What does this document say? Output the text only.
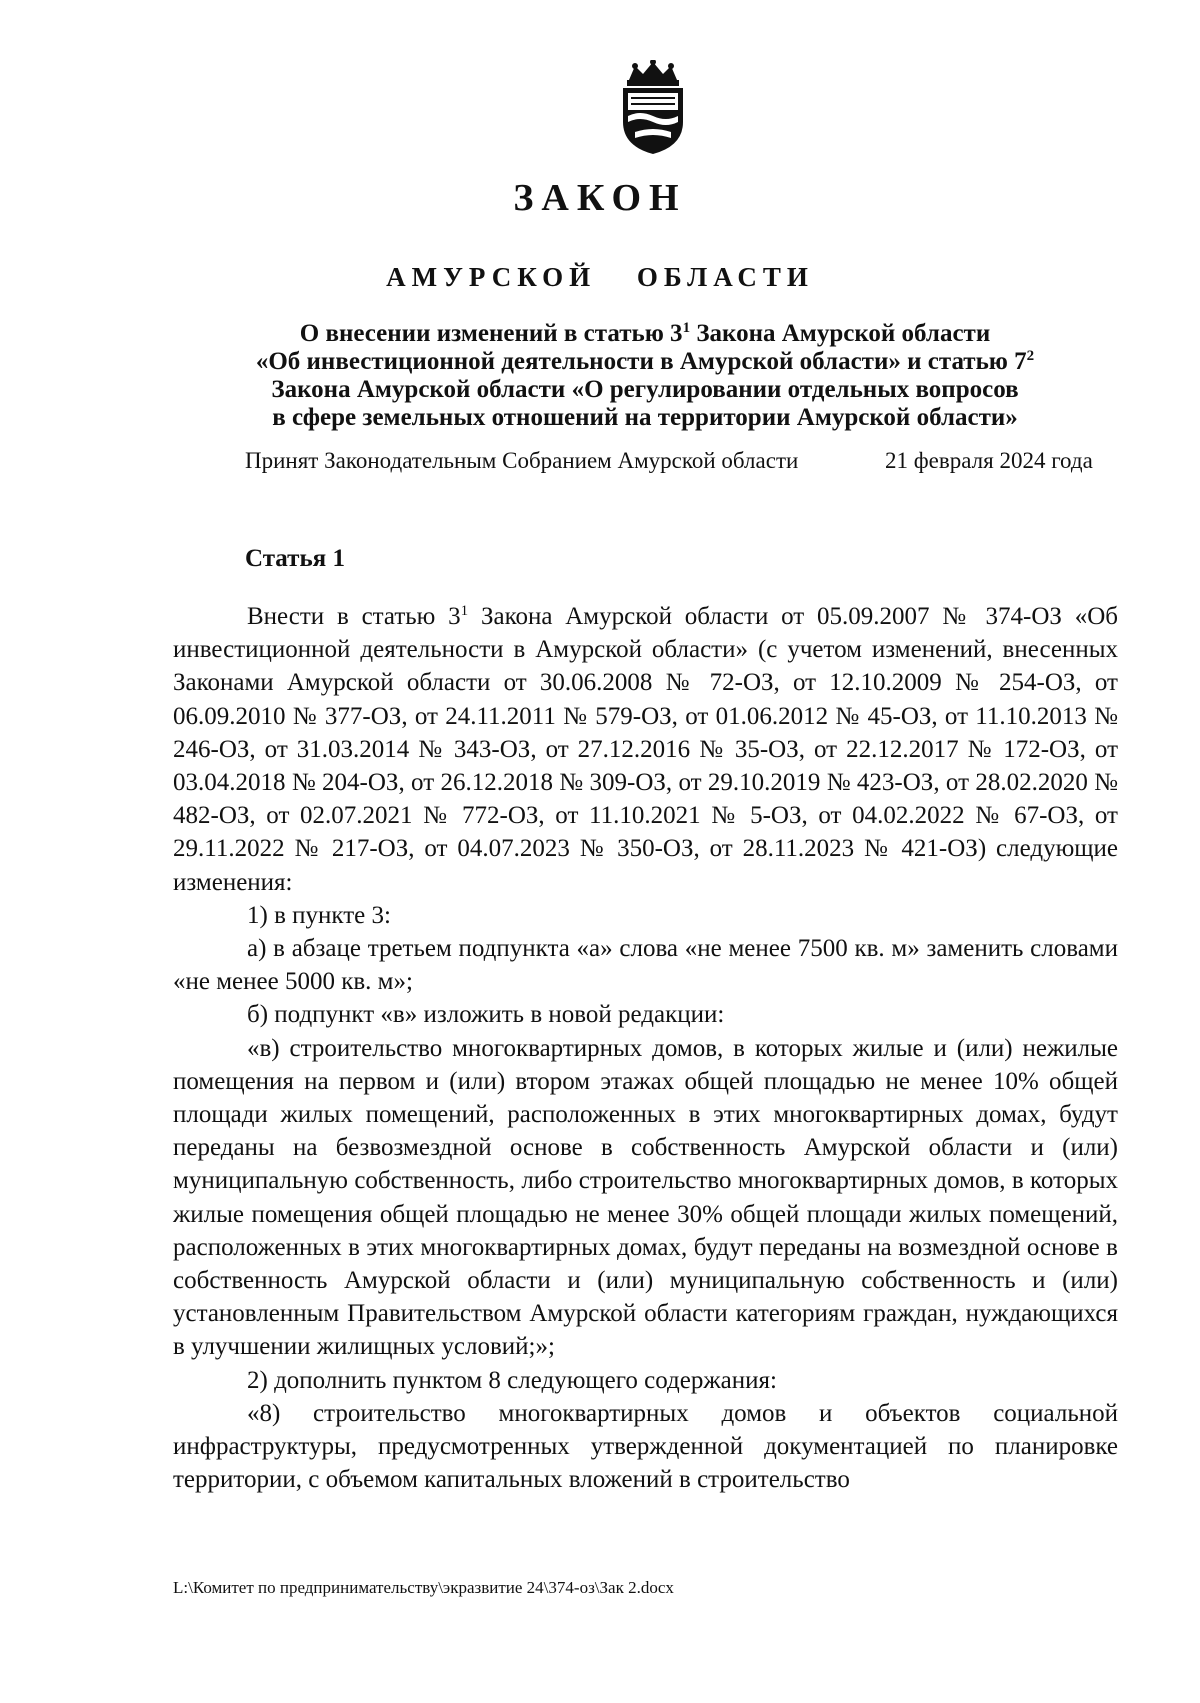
ЗАКОН
АМУРСКОЙ ОБЛАСТИ
О внесении изменений в статью $3^1$ Закона Амурской области
«Об инвестиционной деятельности в Амурской области» и статью $7^2$
Закона Амурской области «О регулировании отдельных вопросов
в сфере земельных отношений на территории Амурской области»
Принят Законодательным Собранием Амурской области	21 февраля 2024 года
Статья 1

Внести в статью $3^1$ Закона Амурской области от 05.09.2007 № 374-ОЗ «Об инвестиционной деятельности в Амурской области» (с учетом изменений, внесенных Законами Амурской области от 30.06.2008 № 72-ОЗ, от 12.10.2009 № 254-ОЗ, от 06.09.2010 № 377-ОЗ, от 24.11.2011 № 579-ОЗ, от 01.06.2012 № 45-ОЗ, от 11.10.2013 № 246-ОЗ, от 31.03.2014 № 343-ОЗ, от 27.12.2016 № 35-ОЗ, от 22.12.2017 № 172-ОЗ, от 03.04.2018 № 204-ОЗ, от 26.12.2018 № 309-ОЗ, от 29.10.2019 № 423-ОЗ, от 28.02.2020 № 482-ОЗ, от 02.07.2021 № 772-ОЗ, от 11.10.2021 № 5-ОЗ, от 04.02.2022 № 67-ОЗ, от 29.11.2022 № 217-ОЗ, от 04.07.2023 № 350-ОЗ, от 28.11.2023 № 421-ОЗ) следующие изменения:

1) в пункте 3:

а) в абзаце третьем подпункта «а» слова «не менее 7500 кв. м» заменить словами «не менее 5000 кв. м»;

б) подпункт «в» изложить в новой редакции:

«в) строительство многоквартирных домов, в которых жилые и (или) нежилые помещения на первом и (или) втором этажах общей площадью не менее 10% общей площади жилых помещений, расположенных в этих многоквартирных домах, будут переданы на безвозмездной основе в собственность Амурской области и (или) муниципальную собственность, либо строительство многоквартирных домов, в которых жилые помещения общей площадью не менее 30% общей площади жилых помещений, расположенных в этих многоквартирных домах, будут переданы на возмездной основе в собственность Амурской области и (или) муниципальную собственность и (или) установленным Правительством Амурской области категориям граждан, нуждающихся в улучшении жилищных условий;»;

2) дополнить пунктом 8 следующего содержания:

«8) строительство многоквартирных домов и объектов социальной инфраструктуры, предусмотренных утвержденной документацией по планировке территории, с объемом капитальных вложений в строительство

L:\Комитет по предпринимательству\экразвитие 24\374-оз\Зак 2.docx
